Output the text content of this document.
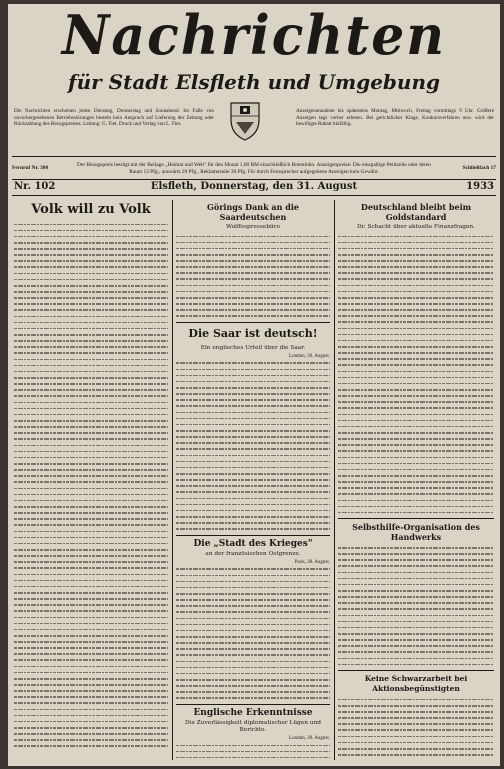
Nachrichten
für Stadt Elsfleth und Umgebung
Die Nachrichten erscheinen jeden Dienstag, Donnerstag und Sonnabend. Im Falle von unvorhergesehenen Betriebsstörungen besteht kein Anspruch auf Lieferung der Zeitung oder Rückzahlung des Bezugspreises. Leitung: G. Fiet. Druck und Verlag von L. Fiet.
Anzeigenannahme bis spätestens Montag, Mittwoch, Freitag vormittags 9 Uhr. Größere Anzeigen tags vorher erbeten. Bei gerichtlicher Klage, Konkursverfahren usw. wird der bewilligte Rabatt hinfällig.
Fernruf Nr. 300	Der Bezugspreis beträgt mit der Beilage „Heimat und Welt" für den Monat 1,00 RM einschließlich Botenlohn. Anzeigenpreise: Die einspaltige Petitzeile oder deren Raum 13 Pfg., auswärts 20 Pfg., Reklamezeile 30 Pfg. Für durch Fernsprecher aufgegebene Anzeigen kein Gewähr.
Schließfach 17
Nr. 102	Elsfleth, Donnerstag, den 31. August	1933
Volk will zu Volk	Görings Dank an die Saardeutschen
Wolffsspressebüro
Die Saar ist deutsch!
Ein englisches Urteil über die Saar.
London, 30. August.
Die „Stadt des Krieges"
an der französischen Ostgrenze.
Paris, 30. August.
Englische Erkenntnisse
Die Zuverlässigkeit diplomatischer Lügen und Berichte.
London, 30. August.
Deutschland bleibt beim Goldstandard
Dr. Schacht über aktuelle Finanzfragen.
Selbsthilfe-Organisation des Handwerks
Keine Schwarzarbeit bei Aktionsbegünstigten
